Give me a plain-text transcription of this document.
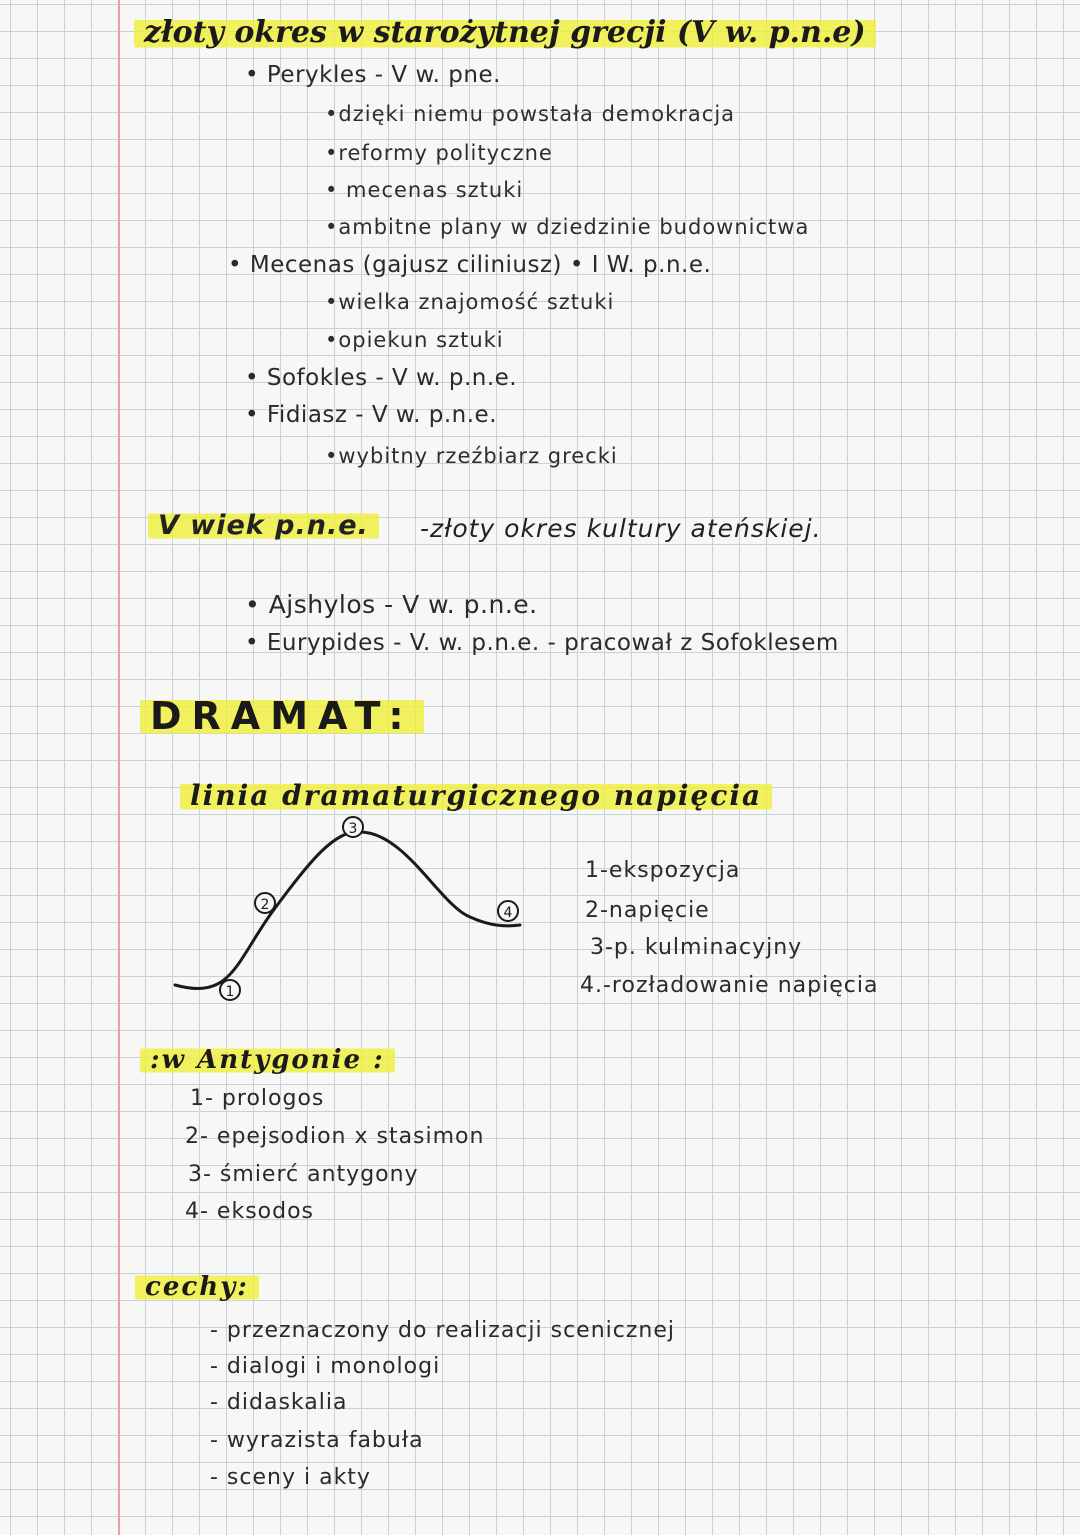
złoty okres w starożytnej grecji (V w. p.n.e)
• Perykles - V w. pne.
•dzięki niemu powstała demokracja
•reformy polityczne
• mecenas sztuki
•ambitne plany w dziedzinie budownictwa
• Mecenas (gajusz ciliniusz) • I W. p.n.e.
•wielka znajomość sztuki
•opiekun sztuki
• Sofokles - V w. p.n.e.
• Fidiasz - V w. p.n.e.
•wybitny rzeźbiarz grecki
V wiek p.n.e.	-złoty okres kultury ateńskiej.
• Ajshylos - V w. p.n.e.
• Eurypides - V. w. p.n.e. - pracował z Sofoklesem
DRAMAT:
linia dramaturgicznego napięcia
1
2
3
4
1-ekspozycja
2-napięcie
3-p. kulminacyjny
4.-rozładowanie napięcia
:w Antygonie :
1- prologos
2- epejsodion x stasimon
3- śmierć antygony
4- eksodos
cechy:
- przeznaczony do realizacji scenicznej
- dialogi i monologi
- didaskalia
- wyrazista fabuła
- sceny i akty
